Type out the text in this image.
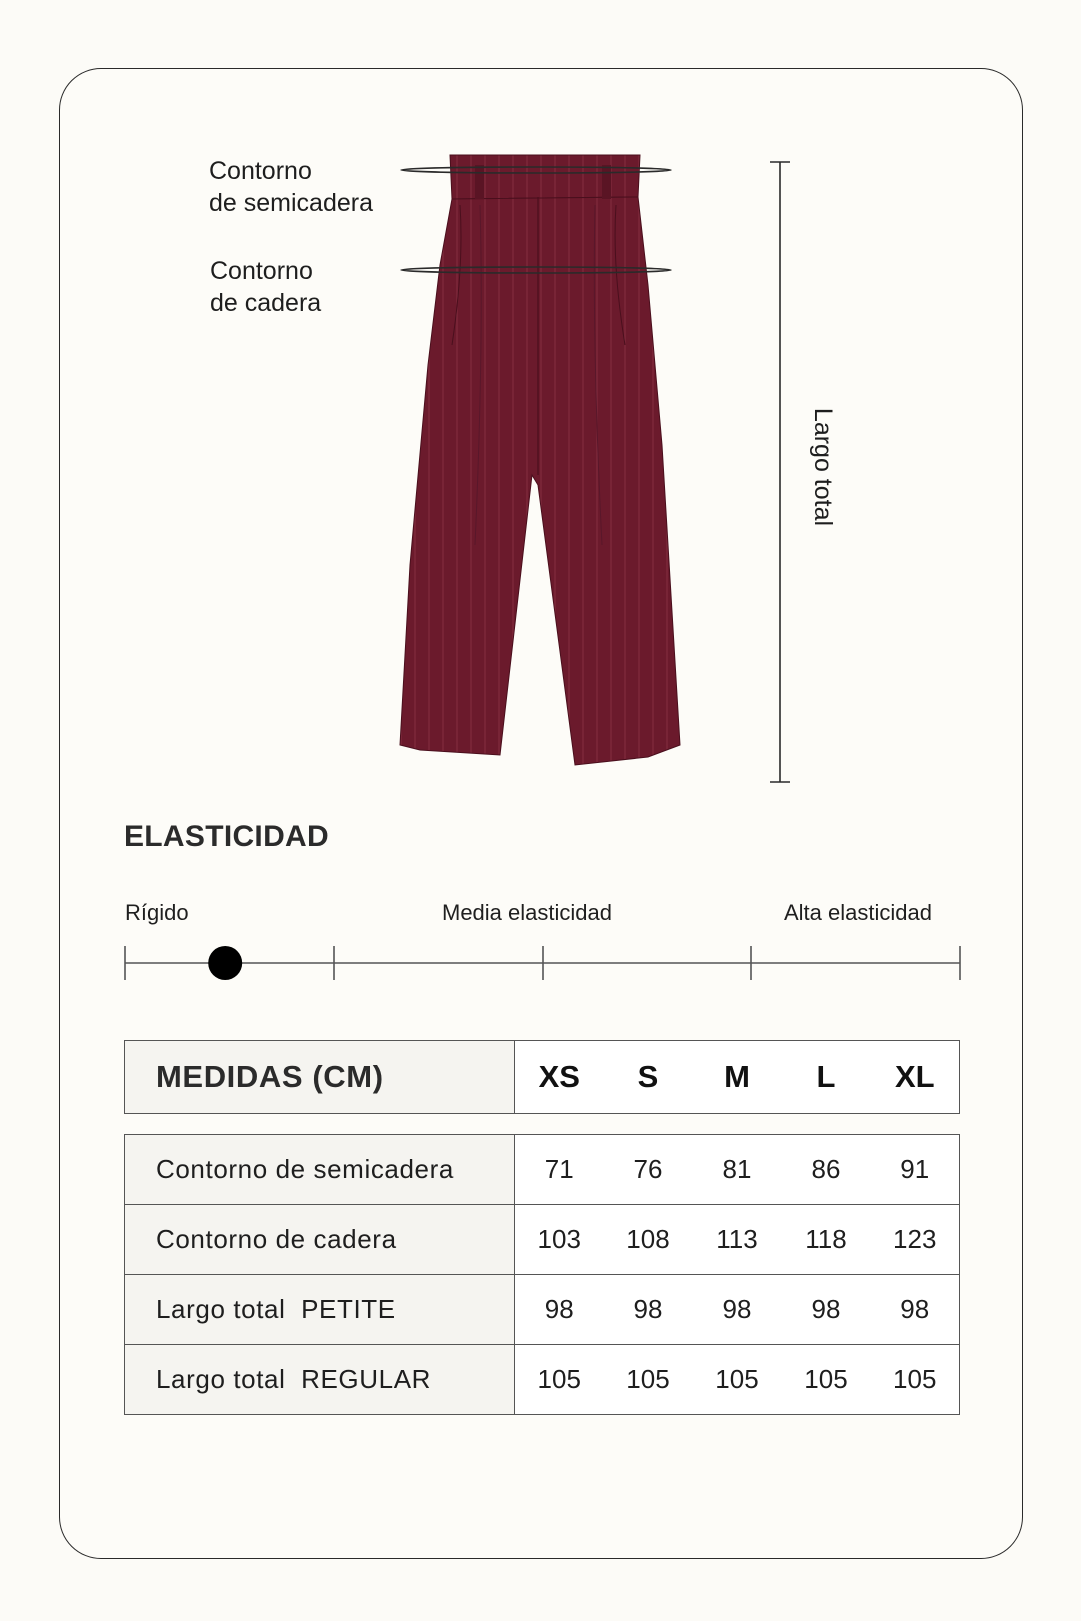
Contorno
de semicadera
Contorno
de cadera
Largo total
ELASTICIDAD
Rígido	Media elasticidad	Alta elasticidad
MEDIDAS (CM)	XS	S	M	L	XL
Contorno de semicadera	71	76	81	86	91
Contorno de cadera	103	108	113	118	123
Largo total  PETITE	98	98	98	98	98
Largo total  REGULAR	105	105	105	105	105
